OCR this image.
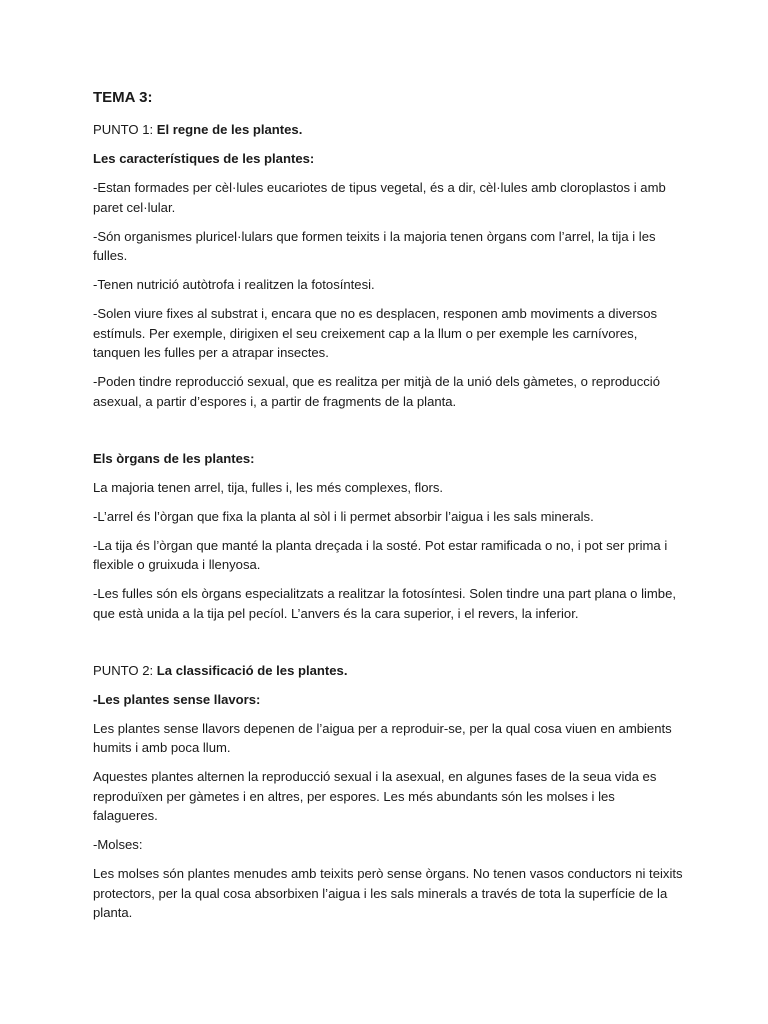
TEMA 3:

PUNTO 1: El regne de les plantes.

Les característiques de les plantes:

-Estan formades per cèl·lules eucariotes de tipus vegetal, és a dir, cèl·lules amb cloroplastos i amb paret cel·lular.

-Són organismes pluricel·lulars que formen teixits i la majoria tenen òrgans com l’arrel, la tija i les fulles.

-Tenen nutrició autòtrofa i realitzen la fotosíntesi.

-Solen viure fixes al substrat i, encara que no es desplacen, responen amb moviments a diversos estímuls. Per exemple, dirigixen el seu creixement cap a la llum o per exemple les carnívores, tanquen les fulles per a atrapar insectes.

-Poden tindre reproducció sexual, que es realitza per mitjà de la unió dels gàmetes, o reproducció asexual, a partir d’espores i, a partir de fragments de la planta.

Els òrgans de les plantes:

La majoria tenen arrel, tija, fulles i, les més complexes, flors.

-L’arrel és l’òrgan que fixa la planta al sòl i li permet absorbir l’aigua i les sals minerals.

-La tija és l’òrgan que manté la planta dreçada i la sosté. Pot estar ramificada o no, i pot ser prima i flexible o gruixuda i llenyosa.

-Les fulles són els òrgans especialitzats a realitzar la fotosíntesi. Solen tindre una part plana o limbe, que està unida a la tija pel pecíol. L’anvers és la cara superior, i el revers, la inferior.

PUNTO 2: La classificació de les plantes.

-Les plantes sense llavors:

Les plantes sense llavors depenen de l’aigua per a reproduir-se, per la qual cosa viuen en ambients humits i amb poca llum.

Aquestes plantes alternen la reproducció sexual i la asexual, en algunes fases de la seua vida es reproduïxen per gàmetes i en altres, per espores. Les més abundants són les molses i les falagueres.

-Molses:

Les molses són plantes menudes amb teixits però sense òrgans. No tenen vasos conductors ni teixits protectors, per la qual cosa absorbixen l’aigua i les sals minerals a través de tota la superfície de la planta.
